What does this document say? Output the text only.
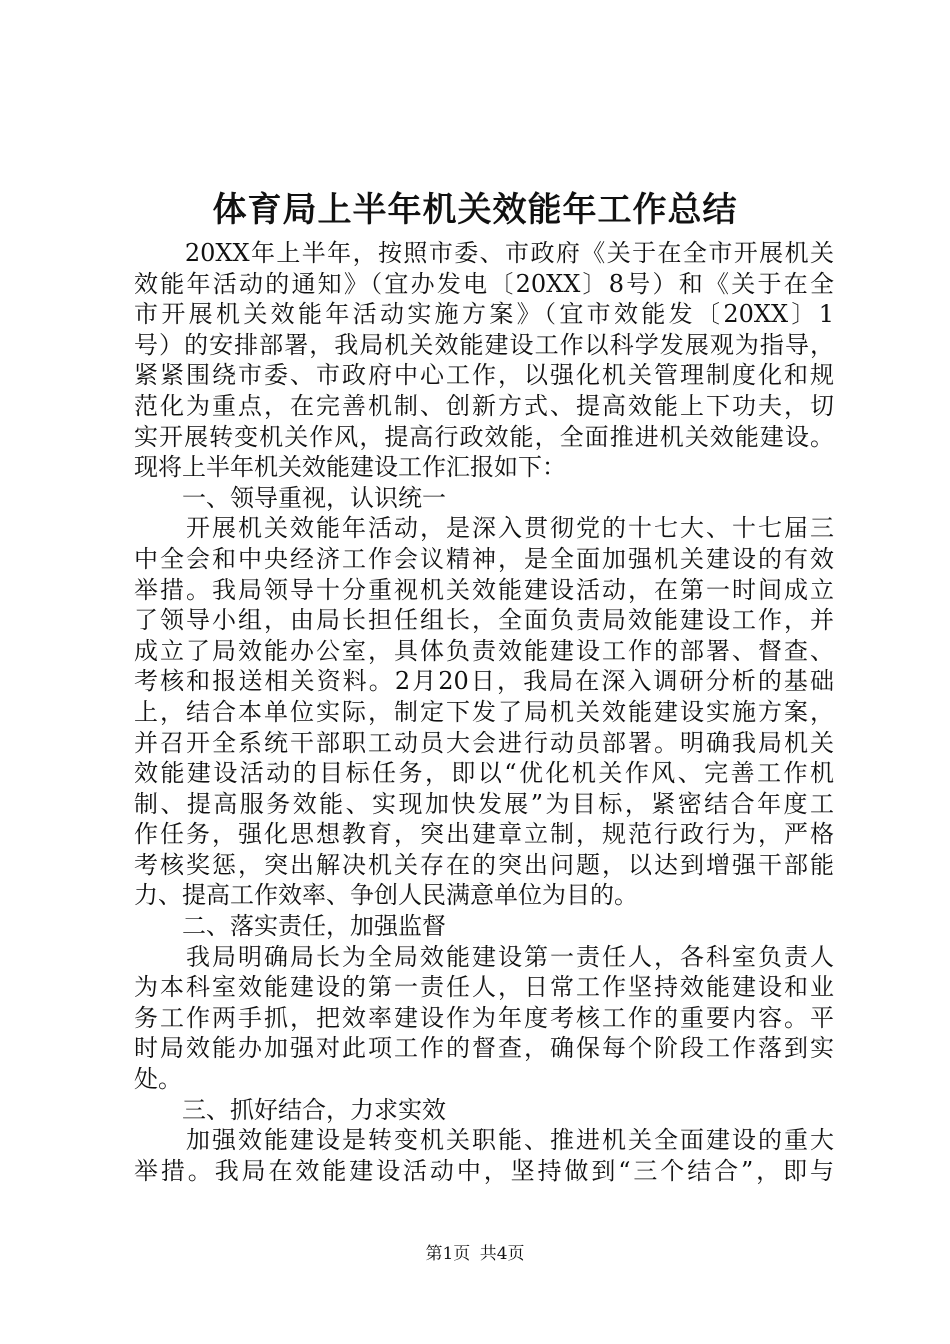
体育局上半年机关效能年工作总结
　　20XX年上半年，按照市委、市政府《关于在全市开展机关
效能年活动的通知》（宜办发电〔20XX〕8号）和《关于在全
市开展机关效能年活动实施方案》（宜市效能发〔20XX〕1
号）的安排部署，我局机关效能建设工作以科学发展观为指导，
紧紧围绕市委、市政府中心工作，以强化机关管理制度化和规
范化为重点，在完善机制、创新方式、提高效能上下功夫，切
实开展转变机关作风，提高行政效能，全面推进机关效能建设。
现将上半年机关效能建设工作汇报如下：
　　一、领导重视，认识统一
　　开展机关效能年活动，是深入贯彻党的十七大、十七届三
中全会和中央经济工作会议精神，是全面加强机关建设的有效
举措。我局领导十分重视机关效能建设活动，在第一时间成立
了领导小组，由局长担任组长，全面负责局效能建设工作，并
成立了局效能办公室，具体负责效能建设工作的部署、督查、
考核和报送相关资料。2月20日，我局在深入调研分析的基础
上，结合本单位实际，制定下发了局机关效能建设实施方案，
并召开全系统干部职工动员大会进行动员部署。明确我局机关
效能建设活动的目标任务，即以“优化机关作风、完善工作机
制、提高服务效能、实现加快发展”为目标，紧密结合年度工
作任务，强化思想教育，突出建章立制，规范行政行为，严格
考核奖惩，突出解决机关存在的突出问题，以达到增强干部能
力、提高工作效率、争创人民满意单位为目的。
　　二、落实责任，加强监督
　　我局明确局长为全局效能建设第一责任人，各科室负责人
为本科室效能建设的第一责任人，日常工作坚持效能建设和业
务工作两手抓，把效率建设作为年度考核工作的重要内容。平
时局效能办加强对此项工作的督查，确保每个阶段工作落到实
处。
　　三、抓好结合，力求实效
　　加强效能建设是转变机关职能、推进机关全面建设的重大
举措。我局在效能建设活动中，坚持做到“三个结合”，即与
第1页 共4页
